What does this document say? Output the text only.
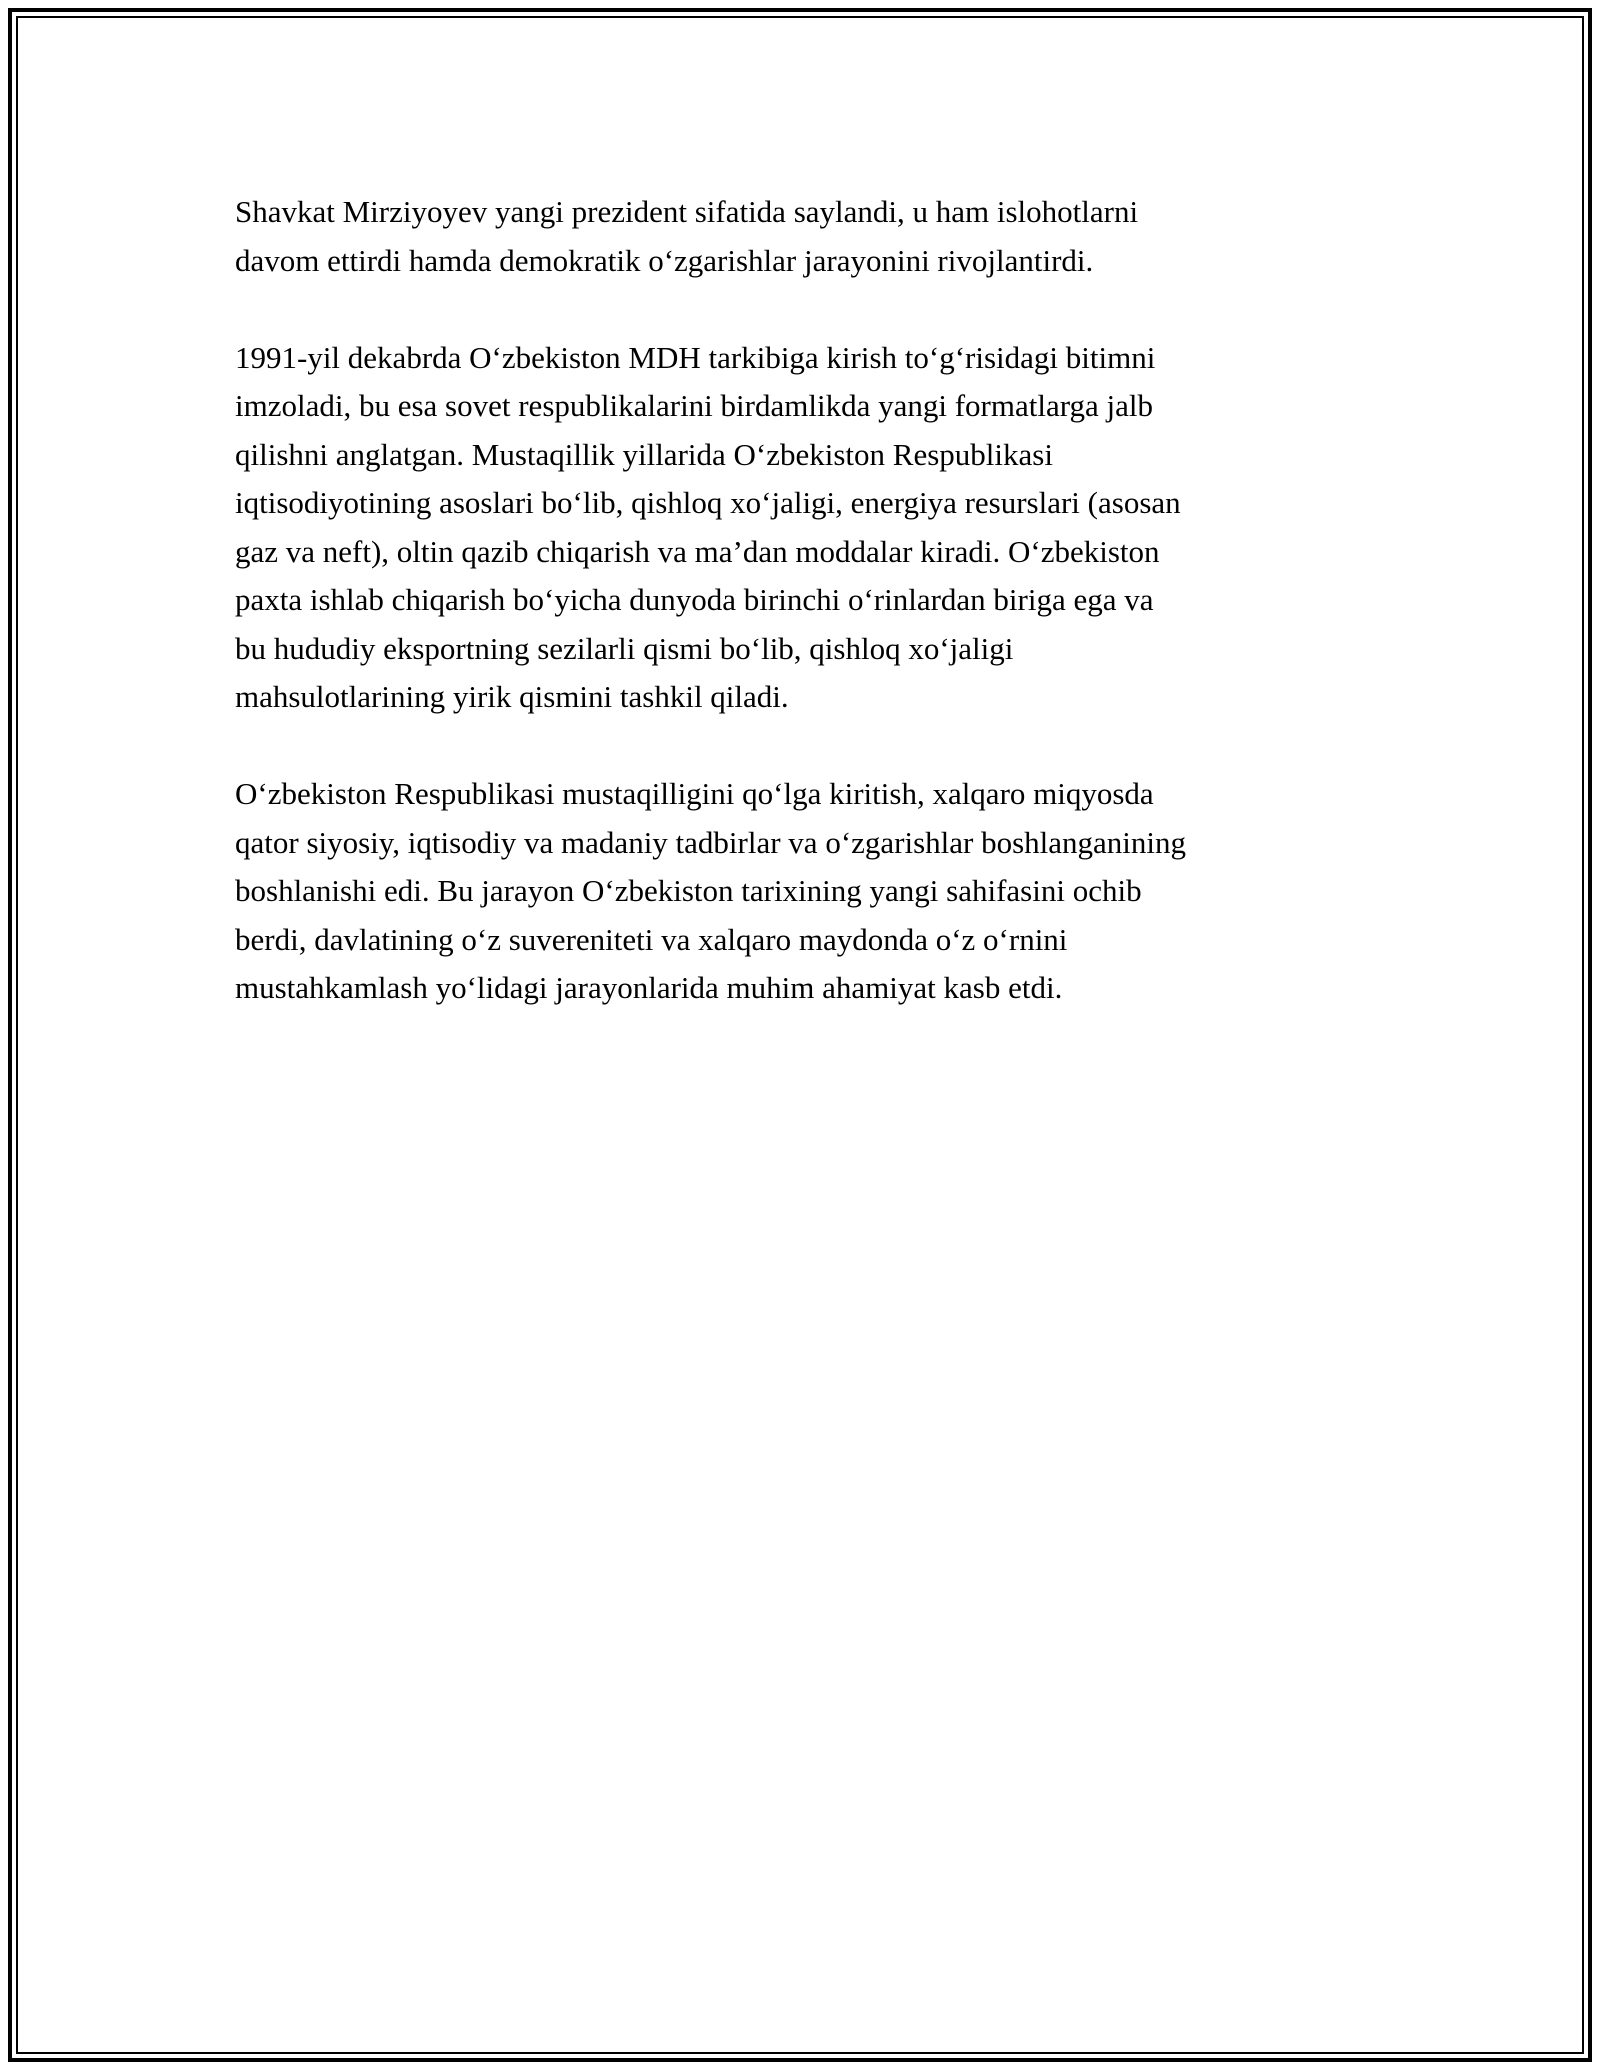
Shavkat Mirziyoyev yangi prezident sifatida saylandi, u ham islohotlarni
davom ettirdi hamda demokratik o‘zgarishlar jarayonini rivojlantirdi.

1991-yil dekabrda O‘zbekiston MDH tarkibiga kirish to‘g‘risidagi bitimni
imzoladi, bu esa sovet respublikalarini birdamlikda yangi formatlarga jalb
qilishni anglatgan. Mustaqillik yillarida O‘zbekiston Respublikasi
iqtisodiyotining asoslari bo‘lib, qishloq xo‘jaligi, energiya resurslari (asosan
gaz va neft), oltin qazib chiqarish va ma’dan moddalar kiradi. O‘zbekiston
paxta ishlab chiqarish bo‘yicha dunyoda birinchi o‘rinlardan biriga ega va
bu hududiy eksportning sezilarli qismi bo‘lib, qishloq xo‘jaligi
mahsulotlarining yirik qismini tashkil qiladi.

O‘zbekiston Respublikasi mustaqilligini qo‘lga kiritish, xalqaro miqyosda
qator siyosiy, iqtisodiy va madaniy tadbirlar va o‘zgarishlar boshlanganining
boshlanishi edi. Bu jarayon O‘zbekiston tarixining yangi sahifasini ochib
berdi, davlatining o‘z suvereniteti va xalqaro maydonda o‘z o‘rnini
mustahkamlash yo‘lidagi jarayonlarida muhim ahamiyat kasb etdi.
